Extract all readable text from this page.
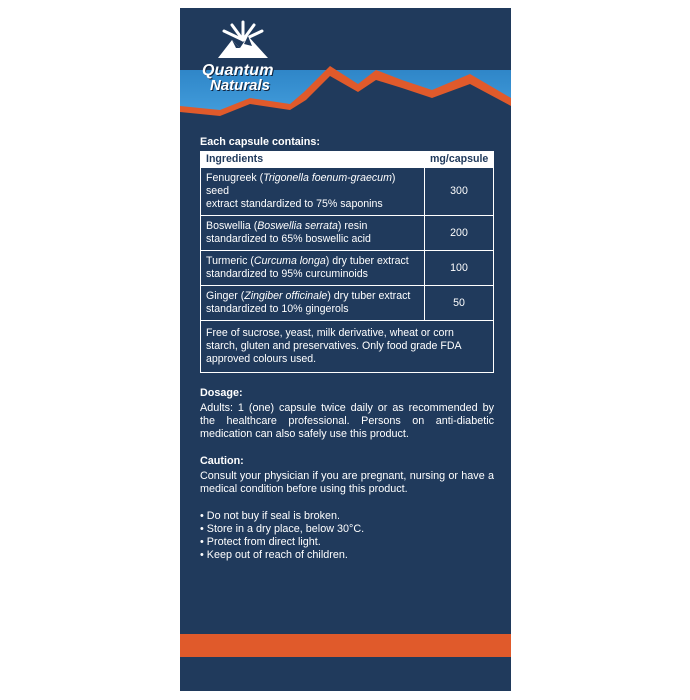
Quantum
Naturals
Each capsule contains:
Ingredients	mg/capsule
Fenugreek (Trigonella foenum-graecum) seed
extract standardized to 75% saponins	300
Boswellia (Boswellia serrata) resin
standardized to 65% boswellic acid	200
Turmeric (Curcuma longa) dry tuber extract
standardized to 95% curcuminoids	100
Ginger (Zingiber officinale) dry tuber extract
standardized to 10% gingerols	50
Free of sucrose, yeast, milk derivative, wheat or corn starch, gluten and preservatives. Only food grade FDA approved colours used.	
Dosage:

Adults: 1 (one) capsule twice daily or as recommended by the healthcare professional. Persons on anti-diabetic medication can also safely use this product.

Caution:

Consult your physician if you are pregnant, nursing or have a medical condition before using this product.

• Do not buy if seal is broken.
• Store in a dry place, below 30°C.
• Protect from direct light.
• Keep out of reach of children.
